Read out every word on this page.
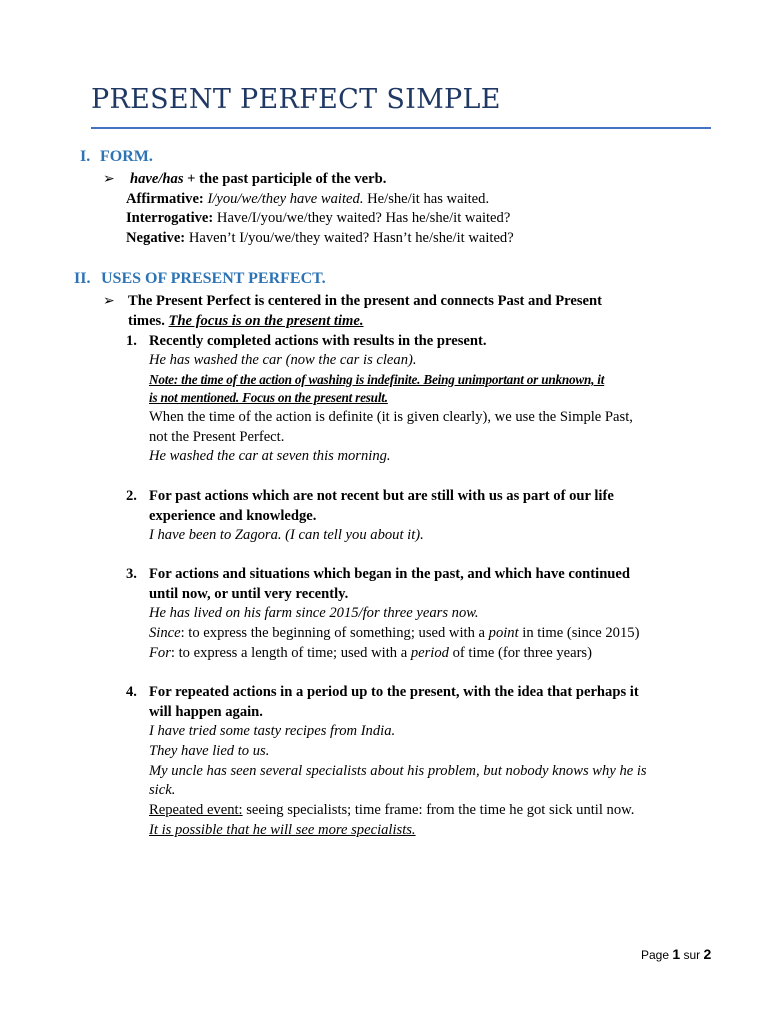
PRESENT PERFECT SIMPLE
I. FORM.
➢ have/has + the past participle of the verb.
Affirmative: I/you/we/they have waited. He/she/it has waited.
Interrogative: Have/I/you/we/they waited? Has he/she/it waited?
Negative: Haven’t I/you/we/they waited? Hasn’t he/she/it waited?
II. USES OF PRESENT PERFECT.
➢ The Present Perfect is centered in the present and connects Past and Present
times. The focus is on the present time.
1. Recently completed actions with results in the present.
He has washed the car (now the car is clean).
Note: the time of the action of washing is indefinite. Being unimportant or unknown, it
is not mentioned. Focus on the present result.
When the time of the action is definite (it is given clearly), we use the Simple Past,
not the Present Perfect.
He washed the car at seven this morning.
2. For past actions which are not recent but are still with us as part of our life
experience and knowledge.
I have been to Zagora. (I can tell you about it).
3. For actions and situations which began in the past, and which have continued
until now, or until very recently.
He has lived on his farm since 2015/for three years now.
Since: to express the beginning of something; used with a point in time (since 2015)
For: to express a length of time; used with a period of time (for three years)
4. For repeated actions in a period up to the present, with the idea that perhaps it
will happen again.
I have tried some tasty recipes from India.
They have lied to us.
My uncle has seen several specialists about his problem, but nobody knows why he is
sick.
Repeated event: seeing specialists; time frame: from the time he got sick until now.
It is possible that he will see more specialists.
Page 1 sur 2
